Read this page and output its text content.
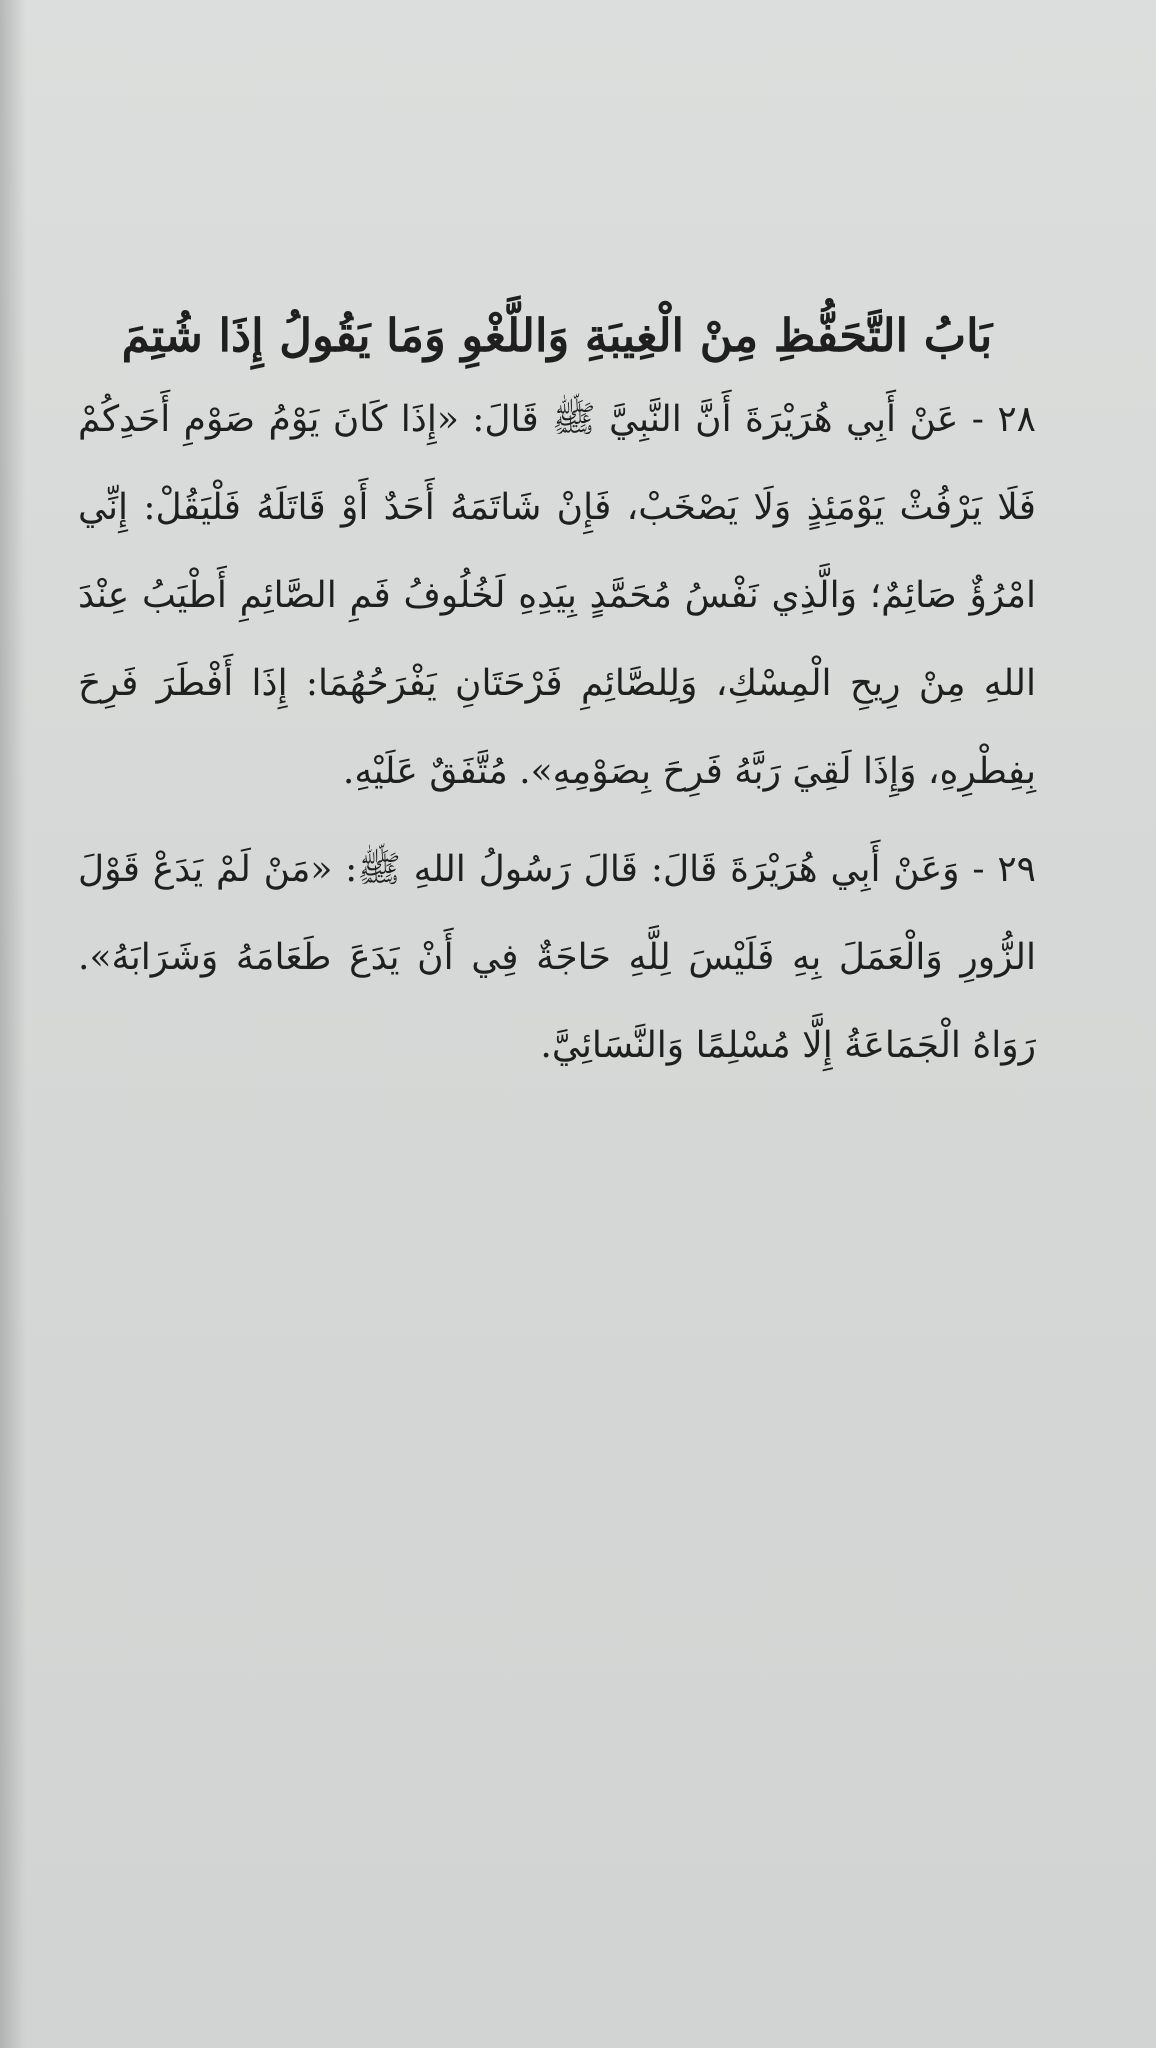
بَابُ التَّحَفُّظِ مِنْ الْغِيبَةِ وَاللَّغْوِ وَمَا يَقُولُ إِذَا شُتِمَ

٢٨ - عَنْ أَبِي هُرَيْرَةَ أَنَّ النَّبِيَّ ﷺ قَالَ: «إِذَا كَانَ يَوْمُ صَوْمِ أَحَدِكُمْ فَلَا يَرْفُثْ يَوْمَئِذٍ وَلَا يَصْخَبْ، فَإِنْ شَاتَمَهُ أَحَدٌ أَوْ قَاتَلَهُ فَلْيَقُلْ: إِنِّي امْرُؤٌ صَائِمٌ؛ وَالَّذِي نَفْسُ مُحَمَّدٍ بِيَدِهِ لَخُلُوفُ فَمِ الصَّائِمِ أَطْيَبُ عِنْدَ اللهِ مِنْ رِيحِ الْمِسْكِ، وَلِلصَّائِمِ فَرْحَتَانِ يَفْرَحُهُمَا: إِذَا أَفْطَرَ فَرِحَ بِفِطْرِهِ، وَإِذَا لَقِيَ رَبَّهُ فَرِحَ بِصَوْمِهِ». مُتَّفَقٌ عَلَيْهِ.

٢٩ - وَعَنْ أَبِي هُرَيْرَةَ قَالَ: قَالَ رَسُولُ اللهِ ﷺ: «مَنْ لَمْ يَدَعْ قَوْلَ الزُّورِ وَالْعَمَلَ بِهِ فَلَيْسَ لِلَّهِ حَاجَةٌ فِي أَنْ يَدَعَ طَعَامَهُ وَشَرَابَهُ». رَوَاهُ الْجَمَاعَةُ إِلَّا مُسْلِمًا وَالنَّسَائِيَّ.
